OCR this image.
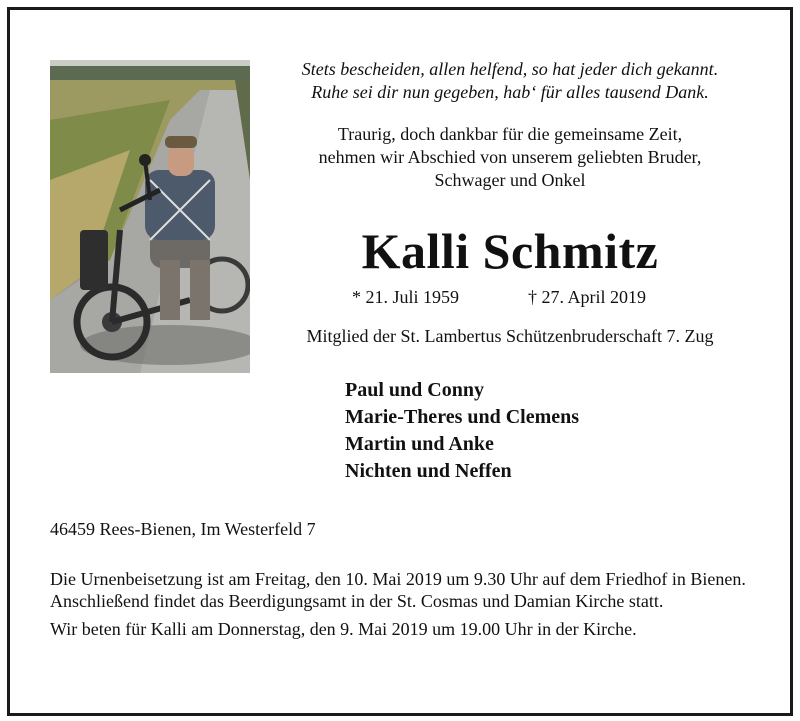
Stets bescheiden, allen helfend, so hat jeder dich gekannt.
Ruhe sei dir nun gegeben, hab‘ für alles tausend Dank.
Traurig, doch dankbar für die gemeinsame Zeit,
nehmen wir Abschied von unserem geliebten Bruder,
Schwager und Onkel
Kalli Schmitz
* 21. Juli 1959	† 27. April 2019
Mitglied der St. Lambertus Schützenbruderschaft 7. Zug
Paul und Conny
Marie-Theres und Clemens
Martin und Anke
Nichten und Neffen
46459 Rees-Bienen, Im Westerfeld 7

Die Urnenbeisetzung ist am Freitag, den 10. Mai 2019 um 9.30 Uhr auf dem Friedhof in Bienen. Anschließend findet das Beerdigungsamt in der St. Cosmas und Damian Kirche statt.

Wir beten für Kalli am Donnerstag, den 9. Mai 2019 um 19.00 Uhr in der Kirche.
